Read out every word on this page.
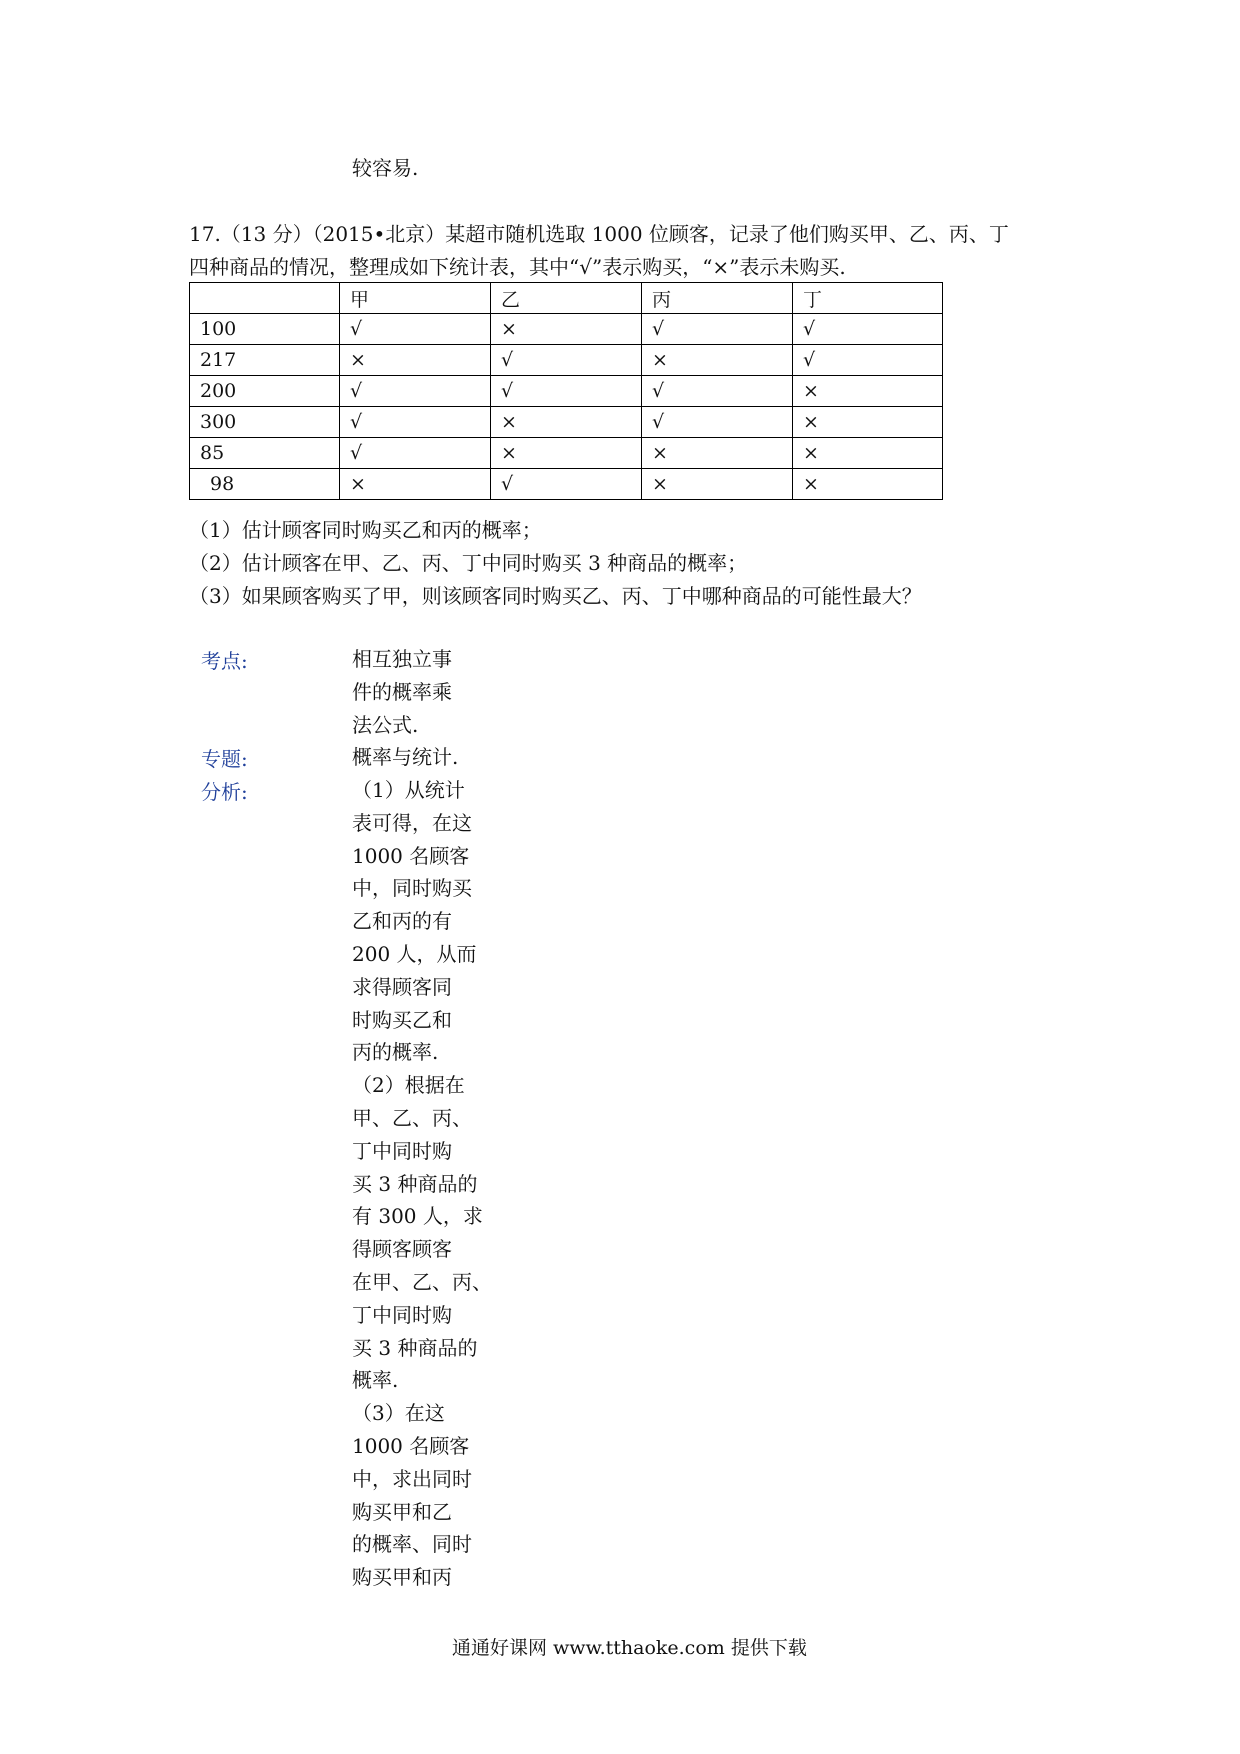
较容易.
17.（13 分）（2015•北京）某超市随机选取 1000 位顾客，记录了他们购买甲、乙、丙、丁
四种商品的情况，整理成如下统计表，其中“√”表示购买，“×”表示未购买.
	甲	乙	丙	丁
100	√	×	√	√
217	×	√	×	√
200	√	√	√	×
300	√	×	√	×
85	√	×	×	×
98	×	√	×	×
（1）估计顾客同时购买乙和丙的概率；
（2）估计顾客在甲、乙、丙、丁中同时购买 3 种商品的概率；
（3）如果顾客购买了甲，则该顾客同时购买乙、丙、丁中哪种商品的可能性最大？
考点:
专题:
分析:
相互独立事
件的概率乘
法公式.
概率与统计.
（1）从统计
表可得，在这
1000 名顾客
中，同时购买
乙和丙的有
200 人，从而
求得顾客同
时购买乙和
丙的概率.
（2）根据在
甲、乙、丙、
丁中同时购
买 3 种商品的
有 300 人，求
得顾客顾客
在甲、乙、丙、
丁中同时购
买 3 种商品的
概率.
（3）在这
1000 名顾客
中，求出同时
购买甲和乙
的概率、同时
购买甲和丙
通通好课网 www.tthaoke.com 提供下载
